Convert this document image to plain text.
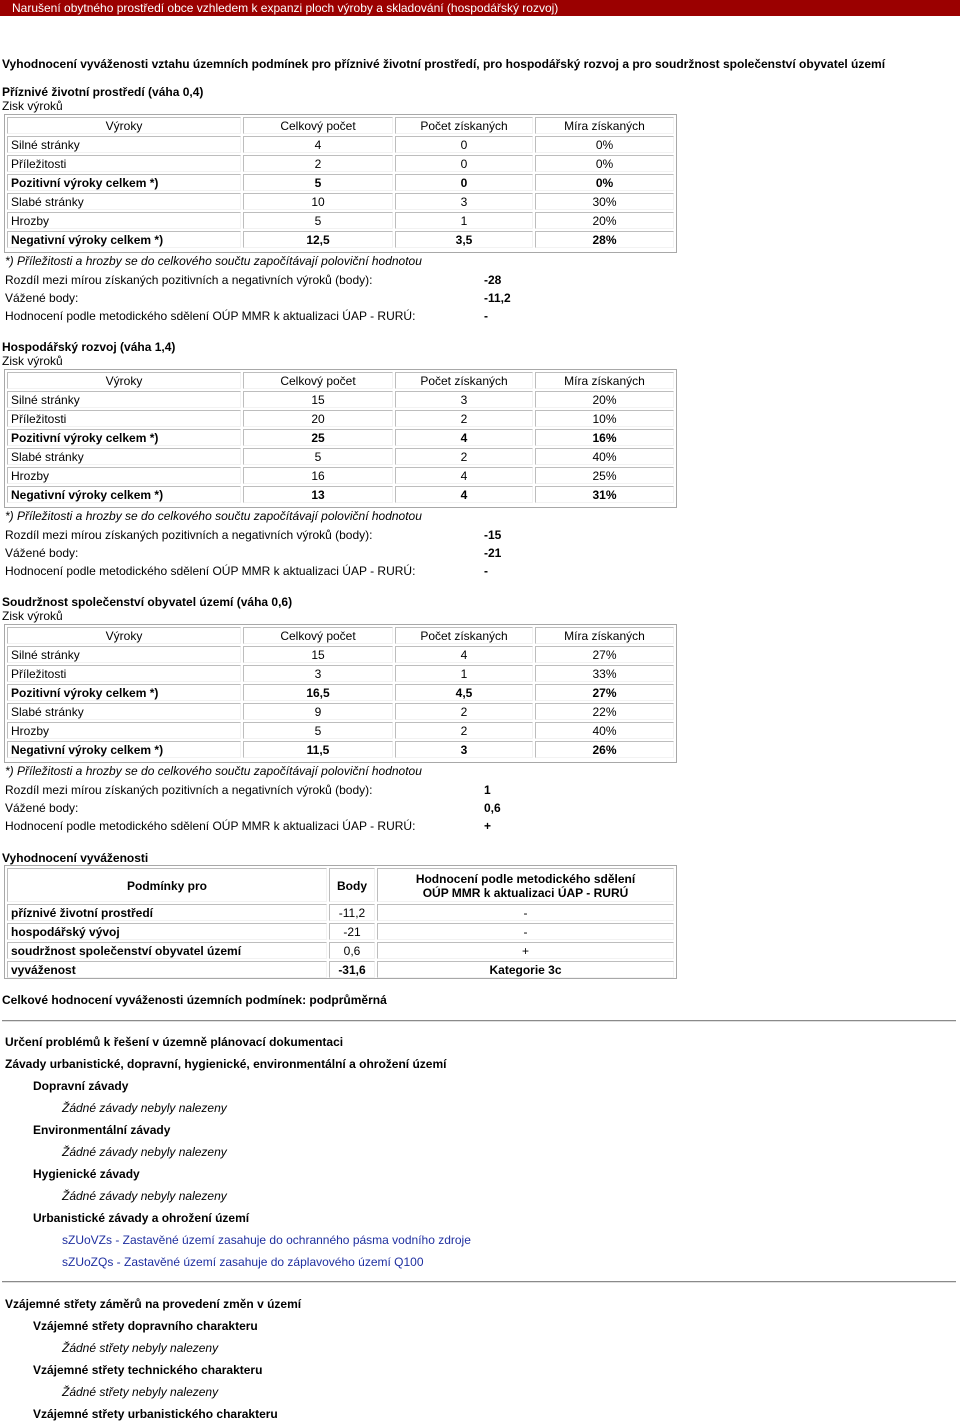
Narušení obytného prostředí obce vzhledem k expanzi ploch výroby a skladování (hospodářský rozvoj)
Vyhodnocení vyváženosti vztahu územních podmínek pro příznivé životní prostředí, pro hospodářský rozvoj a pro soudržnost společenství obyvatel území
Příznivé životní prostředí (váha 0,4)
Zisk výroků
Výroky	Celkový počet	Počet získaných	Míra získaných
Silné stránky	4	0	0%
Příležitosti	2	0	0%
Pozitivní výroky celkem *)	5	0	0%
Slabé stránky	10	3	30%
Hrozby	5	1	20%
Negativní výroky celkem *)	12,5	3,5	28%
*) Příležitosti a hrozby se do celkového součtu započítávají poloviční hodnotou
Rozdíl mezi mírou získaných pozitivních a negativních výroků (body):	-28
Vážené body:	-11,2
Hodnocení podle metodického sdělení OÚP MMR k aktualizaci ÚAP - RURÚ:	-
Hospodářský rozvoj (váha 1,4)
Zisk výroků
Výroky	Celkový počet	Počet získaných	Míra získaných
Silné stránky	15	3	20%
Příležitosti	20	2	10%
Pozitivní výroky celkem *)	25	4	16%
Slabé stránky	5	2	40%
Hrozby	16	4	25%
Negativní výroky celkem *)	13	4	31%
*) Příležitosti a hrozby se do celkového součtu započítávají poloviční hodnotou
Rozdíl mezi mírou získaných pozitivních a negativních výroků (body):	-15
Vážené body:	-21
Hodnocení podle metodického sdělení OÚP MMR k aktualizaci ÚAP - RURÚ:	-
Soudržnost společenství obyvatel území (váha 0,6)
Zisk výroků
Výroky	Celkový počet	Počet získaných	Míra získaných
Silné stránky	15	4	27%
Příležitosti	3	1	33%
Pozitivní výroky celkem *)	16,5	4,5	27%
Slabé stránky	9	2	22%
Hrozby	5	2	40%
Negativní výroky celkem *)	11,5	3	26%
*) Příležitosti a hrozby se do celkového součtu započítávají poloviční hodnotou
Rozdíl mezi mírou získaných pozitivních a negativních výroků (body):	1
Vážené body:	0,6
Hodnocení podle metodického sdělení OÚP MMR k aktualizaci ÚAP - RURÚ:	+
Vyhodnocení vyváženosti
Podmínky pro	Body	Hodnocení podle metodického sdělení
OÚP MMR k aktualizaci ÚAP - RURÚ
příznivé životní prostředí	-11,2	-
hospodářský vývoj	-21	-
soudržnost společenství obyvatel území	0,6	+
vyváženost	-31,6	Kategorie 3c
Celkové hodnocení vyváženosti územních podmínek: podprůměrná
Určení problémů k řešení v územně plánovací dokumentaci
Závady urbanistické, dopravní, hygienické, environmentální a ohrožení území
Dopravní závady
Žádné závady nebyly nalezeny
Environmentální závady
Žádné závady nebyly nalezeny
Hygienické závady
Žádné závady nebyly nalezeny
Urbanistické závady a ohrožení území
sZUoVZs - Zastavěné území zasahuje do ochranného pásma vodního zdroje
sZUoZQs - Zastavěné území zasahuje do záplavového území Q100
Vzájemné střety záměrů na provedení změn v území
Vzájemné střety dopravního charakteru
Žádné střety nebyly nalezeny
Vzájemné střety technického charakteru
Žádné střety nebyly nalezeny
Vzájemné střety urbanistického charakteru
